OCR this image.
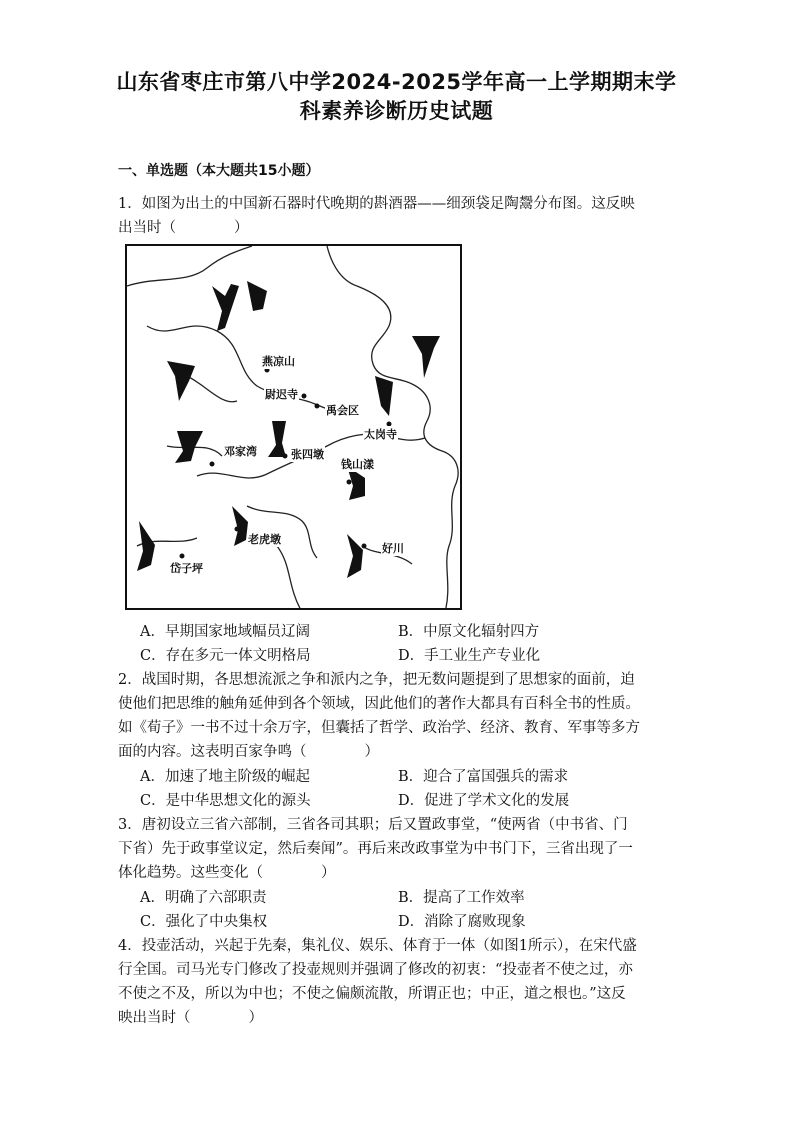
山东省枣庄市第八中学2024-2025学年高一上学期期末学
科素养诊断历史试题
一、单选题（本大题共15小题）
1．如图为出土的中国新石器时代晚期的斟酒器——细颈袋足陶鬶分布图。这反映
出当时（　　　　）
燕凉山
尉迟寺
禹会区
太岗寺
邓家湾	张四墩
钱山漾
老虎墩
好川
岱子坪
A．早期国家地域幅员辽阔	B．中原文化辐射四方
C．存在多元一体文明格局	D．手工业生产专业化
2．战国时期，各思想流派之争和派内之争，把无数问题提到了思想家的面前，迫
使他们把思维的触角延伸到各个领域，因此他们的著作大都具有百科全书的性质。
如《荀子》一书不过十余万字，但囊括了哲学、政治学、经济、教育、军事等多方
面的内容。这表明百家争鸣（　　　　）
A．加速了地主阶级的崛起	B．迎合了富国强兵的需求
C．是中华思想文化的源头	D．促进了学术文化的发展
3．唐初设立三省六部制，三省各司其职；后又置政事堂，“使两省（中书省、门
下省）先于政事堂议定，然后奏闻”。再后来改政事堂为中书门下，三省出现了一
体化趋势。这些变化（　　　　）
A．明确了六部职责	B．提高了工作效率
C．强化了中央集权	D．消除了腐败现象
4．投壶活动，兴起于先秦，集礼仪、娱乐、体育于一体（如图1所示），在宋代盛
行全国。司马光专门修改了投壶规则并强调了修改的初衷：“投壶者不使之过，亦
不使之不及，所以为中也；不使之偏颇流散，所谓正也；中正，道之根也。”这反
映出当时（　　　　）
